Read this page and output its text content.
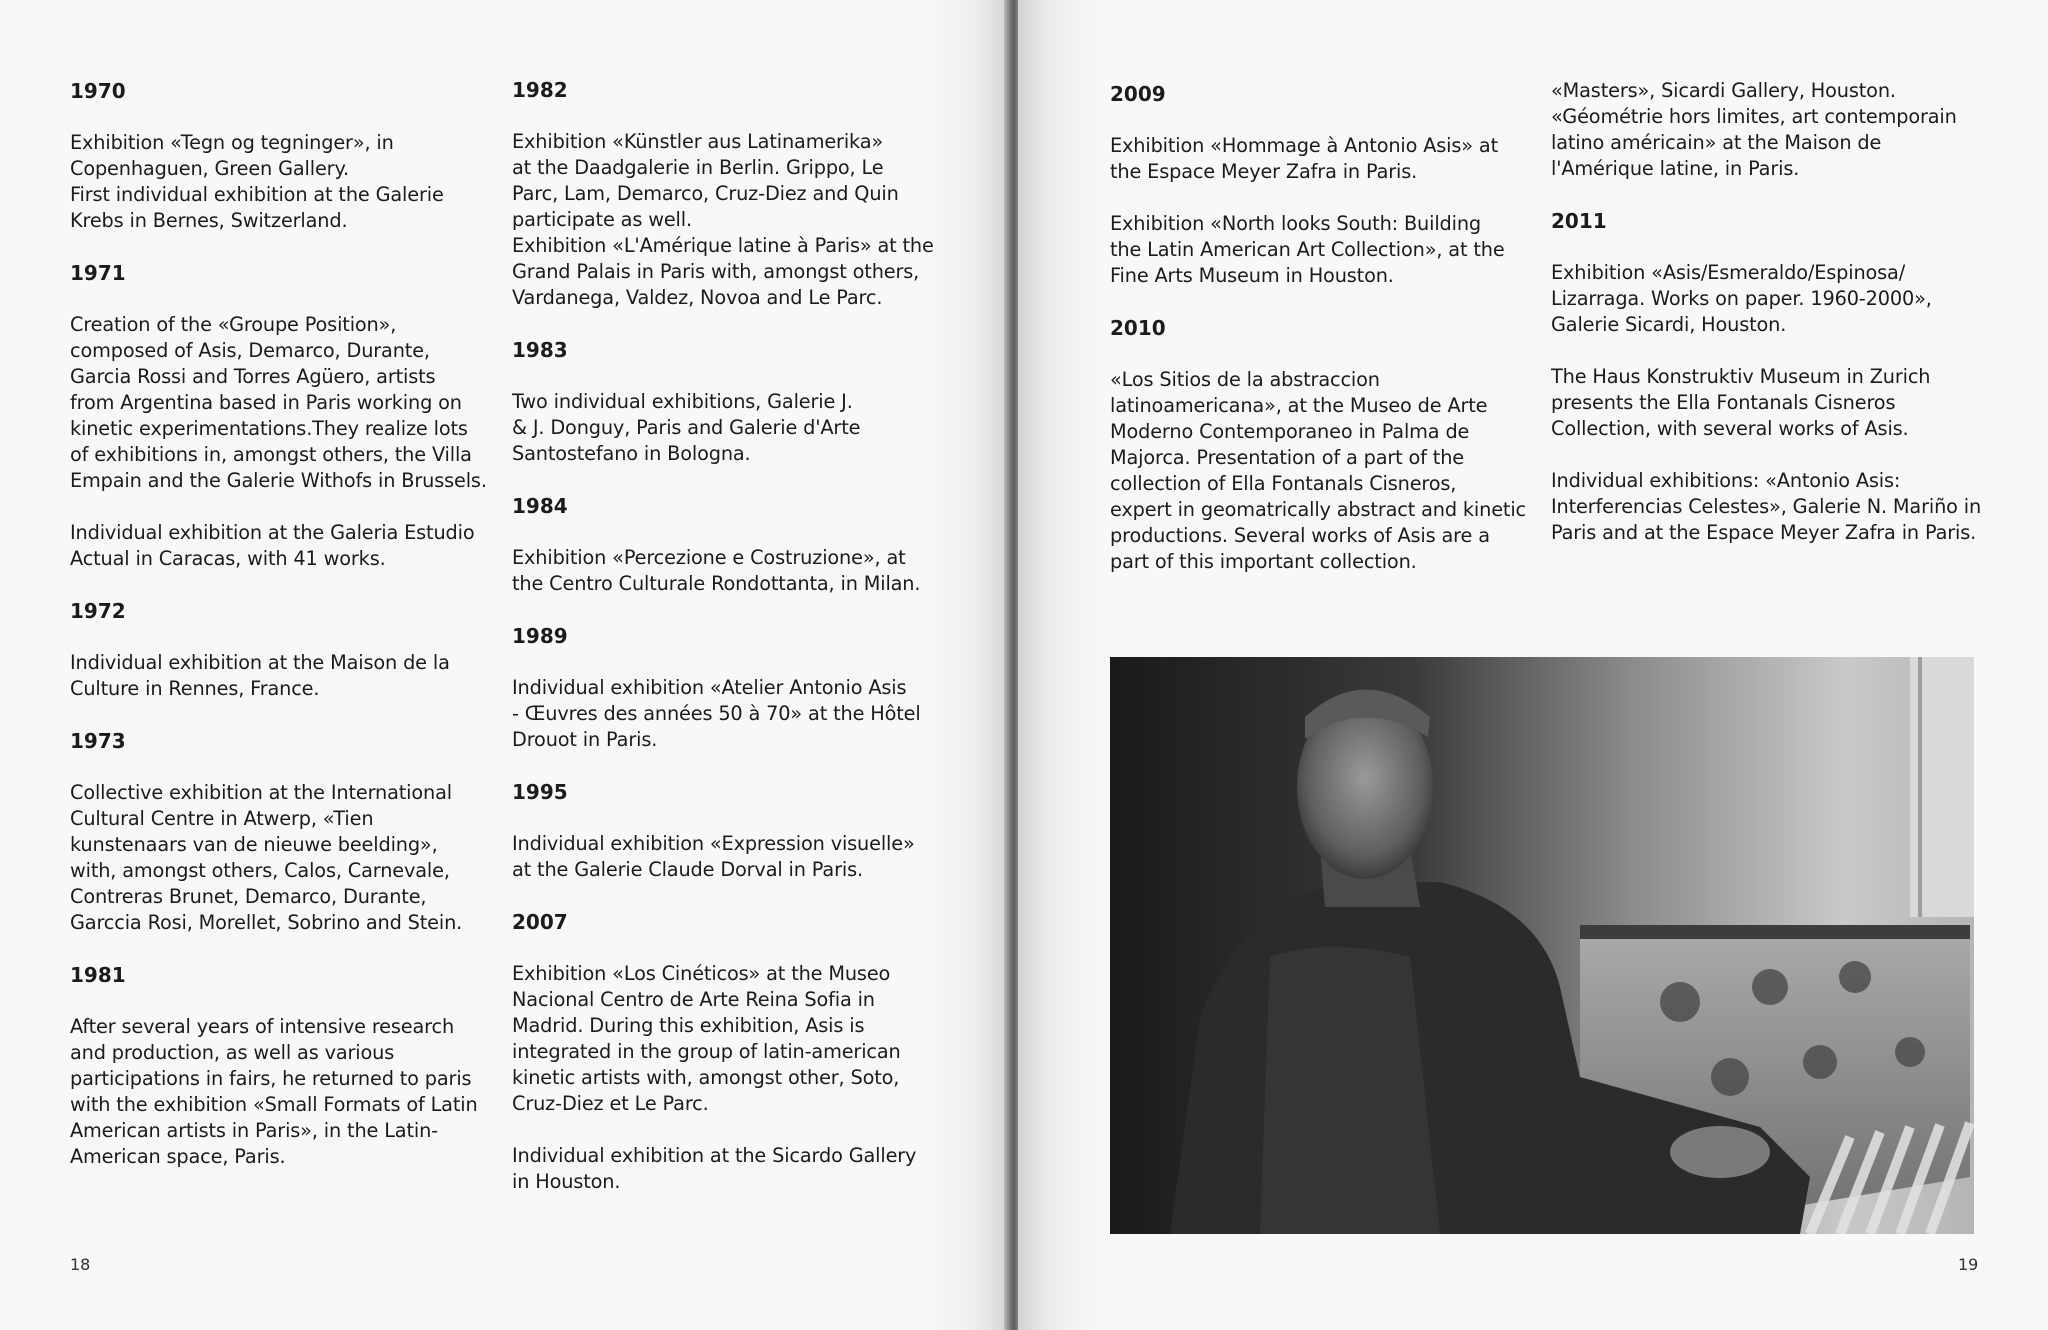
1970

Exhibition «Tegn og tegninger», in
Copenhaguen, Green Gallery.
First individual exhibition at the Galerie
Krebs in Bernes, Switzerland.

1971

Creation of the «Groupe Position»,
composed of Asis, Demarco, Durante,
Garcia Rossi and Torres Agüero, artists
from Argentina based in Paris working on
kinetic experimentations.They realize lots
of exhibitions in, amongst others, the Villa
Empain and the Galerie Withofs in Brussels.

Individual exhibition at the Galeria Estudio
Actual in Caracas, with 41 works.

1972

Individual exhibition at the Maison de la
Culture in Rennes, France.

1973

Collective exhibition at the International
Cultural Centre in Atwerp, «Tien
kunstenaars van de nieuwe beelding»,
with, amongst others, Calos, Carnevale,
Contreras Brunet, Demarco, Durante,
Garccia Rosi, Morellet, Sobrino and Stein.

1981

After several years of intensive research
and production, as well as various
participations in fairs, he returned to paris
with the exhibition «Small Formats of Latin
American artists in Paris», in the Latin-
American space, Paris.

1982

Exhibition «Künstler aus Latinamerika»
at the Daadgalerie in Berlin. Grippo, Le
Parc, Lam, Demarco, Cruz-Diez and Quin
participate as well.
Exhibition «L'Amérique latine à Paris» at the
Grand Palais in Paris with, amongst others,
Vardanega, Valdez, Novoa and Le Parc.

1983

Two individual exhibitions, Galerie J.
& J. Donguy, Paris and Galerie d'Arte
Santostefano in Bologna.

1984

Exhibition «Percezione e Costruzione», at
the Centro Culturale Rondottanta, in Milan.

1989

Individual exhibition «Atelier Antonio Asis
- Œuvres des années 50 à 70» at the Hôtel
Drouot in Paris.

1995

Individual exhibition «Expression visuelle»
at the Galerie Claude Dorval in Paris.

2007

Exhibition «Los Cinéticos» at the Museo
Nacional Centro de Arte Reina Sofia in
Madrid. During this exhibition, Asis is
integrated in the group of latin-american
kinetic artists with, amongst other, Soto,
Cruz-Diez et Le Parc.

Individual exhibition at the Sicardo Gallery
in Houston.

18

2009

Exhibition «Hommage à Antonio Asis» at
the Espace Meyer Zafra in Paris.

Exhibition «North looks South: Building
the Latin American Art Collection», at the
Fine Arts Museum in Houston.

2010

«Los Sitios de la abstraccion
latinoamericana», at the Museo de Arte
Moderno Contemporaneo in Palma de
Majorca. Presentation of a part of the
collection of Ella Fontanals Cisneros,
expert in geomatrically abstract and kinetic
productions. Several works of Asis are a
part of this important collection.

«Masters», Sicardi Gallery, Houston.
«Géométrie hors limites, art contemporain
latino américain» at the Maison de
l'Amérique latine, in Paris.

2011

Exhibition «Asis/Esmeraldo/Espinosa/
Lizarraga. Works on paper. 1960-2000»,
Galerie Sicardi, Houston.

The Haus Konstruktiv Museum in Zurich
presents the Ella Fontanals Cisneros
Collection, with several works of Asis.

Individual exhibitions: «Antonio Asis:
Interferencias Celestes», Galerie N. Mariño in
Paris and at the Espace Meyer Zafra in Paris.

19
